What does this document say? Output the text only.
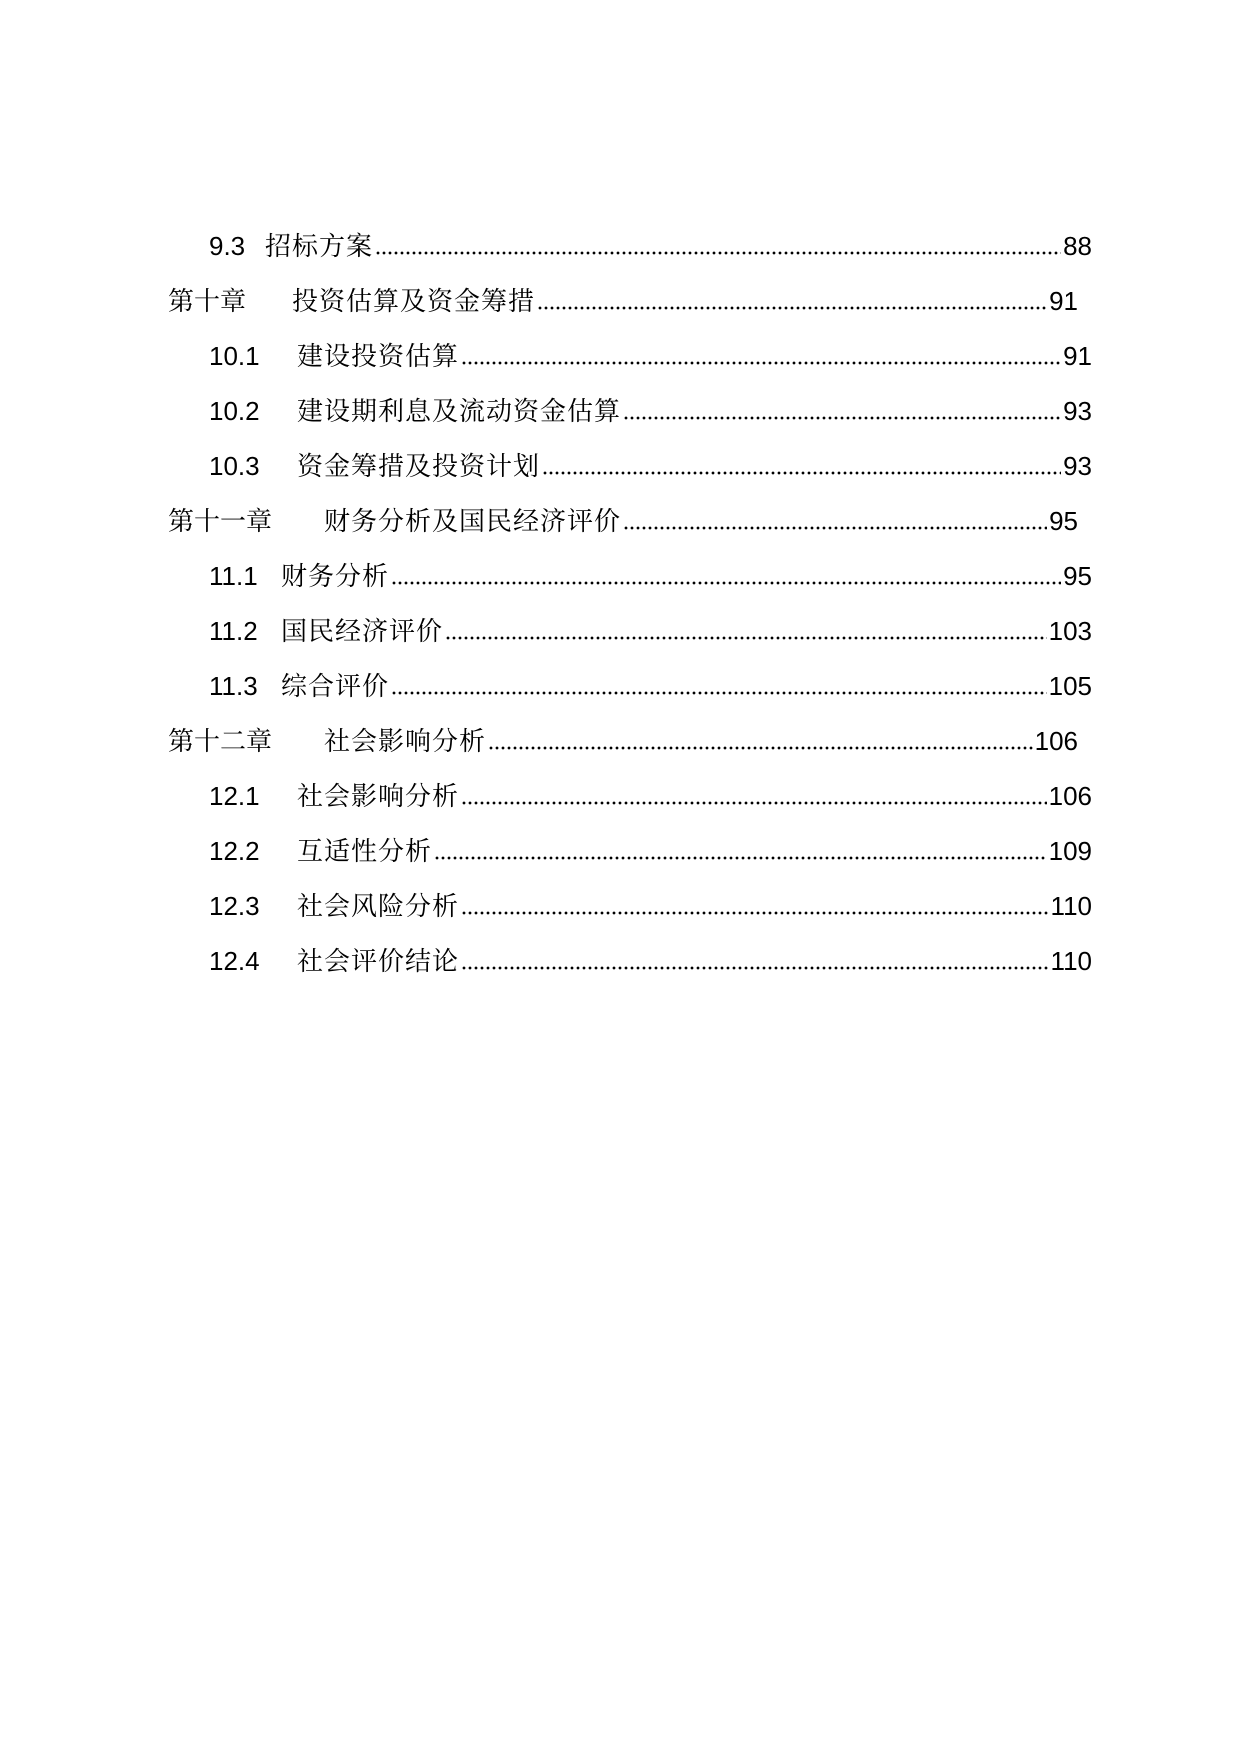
9.3 招标方案	88
第十章	投资估算及资金筹措	91
10.1	建设投资估算	91
10.2	建设期利息及流动资金估算	93
10.3	资金筹措及投资计划	93
第十一章	财务分析及国民经济评价	95
11.1 财务分析	95
11.2 国民经济评价	103
11.3 综合评价	105
第十二章	社会影响分析	106
12.1	社会影响分析	106
12.2	互适性分析	109
12.3	社会风险分析	110
12.4	社会评价结论	110
